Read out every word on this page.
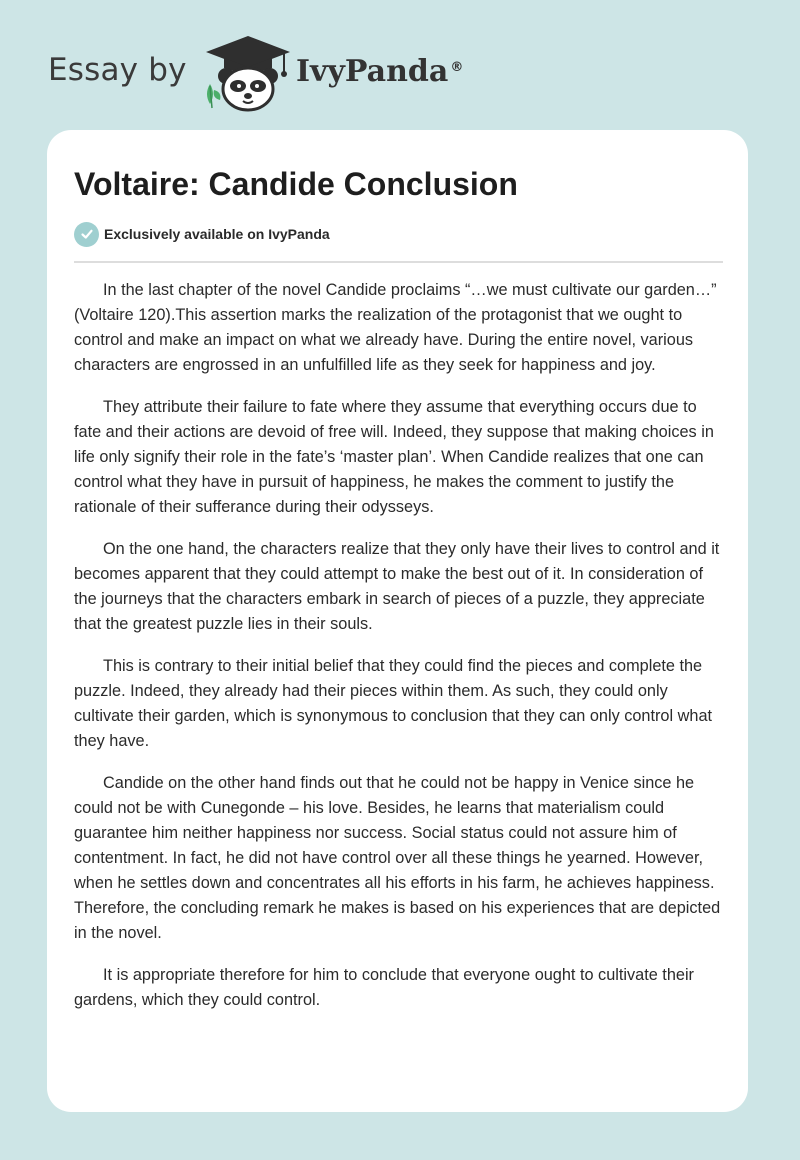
Essay by	IvyPanda ®
Voltaire: Candide Conclusion
Exclusively available on IvyPanda

In the last chapter of the novel Candide proclaims “…we must cultivate our garden…” (Voltaire 120).This assertion marks the realization of the protagonist that we ought to control and make an impact on what we already have. During the entire novel, various characters are engrossed in an unfulfilled life as they seek for happiness and joy.

They attribute their failure to fate where they assume that everything occurs due to fate and their actions are devoid of free will. Indeed, they suppose that making choices in life only signify their role in the fate’s ‘master plan’. When Candide realizes that one can control what they have in pursuit of happiness, he makes the comment to justify the rationale of their sufferance during their odysseys.

On the one hand, the characters realize that they only have their lives to control and it becomes apparent that they could attempt to make the best out of it. In consideration of the journeys that the characters embark in search of pieces of a puzzle, they appreciate that the greatest puzzle lies in their souls.

This is contrary to their initial belief that they could find the pieces and complete the puzzle. Indeed, they already had their pieces within them. As such, they could only cultivate their garden, which is synonymous to conclusion that they can only control what they have.

Candide on the other hand finds out that he could not be happy in Venice since he could not be with Cunegonde – his love. Besides, he learns that materialism could guarantee him neither happiness nor success. Social status could not assure him of contentment. In fact, he did not have control over all these things he yearned. However, when he settles down and concentrates all his efforts in his farm, he achieves happiness. Therefore, the concluding remark he makes is based on his experiences that are depicted in the novel.

It is appropriate therefore for him to conclude that everyone ought to cultivate their gardens, which they could control.
